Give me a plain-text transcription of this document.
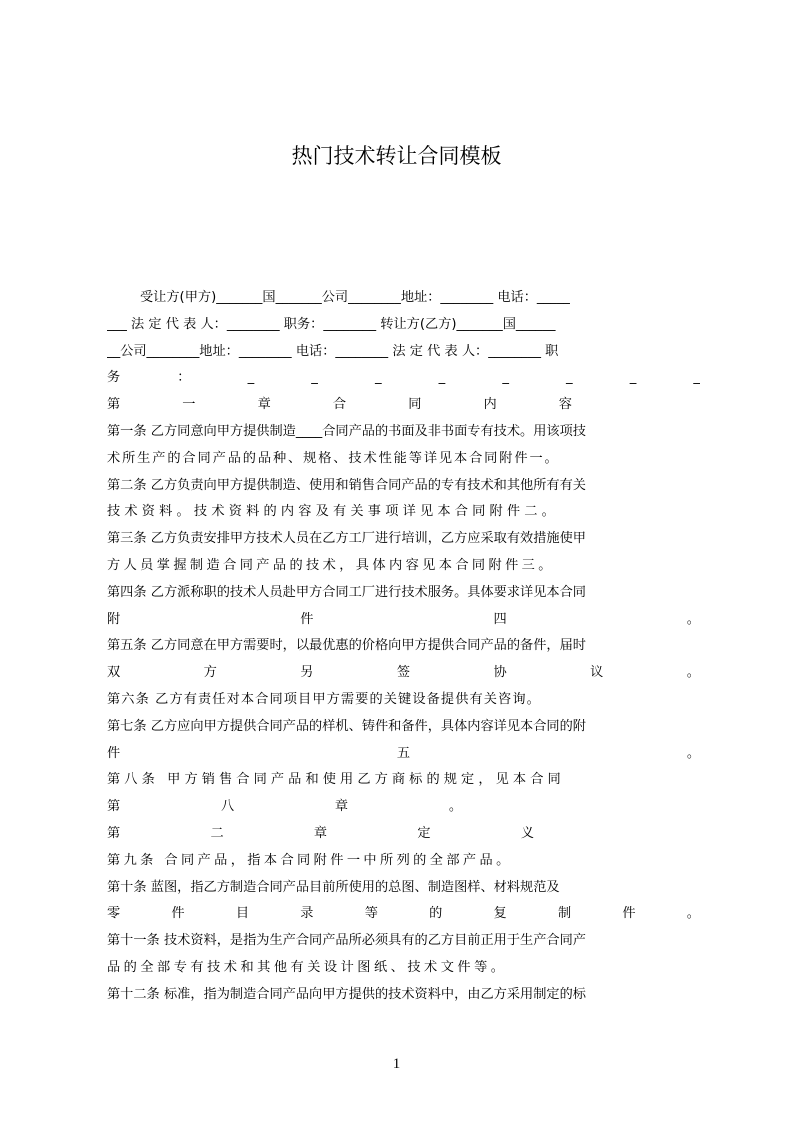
热门技术转让合同模板
受让方(甲方)_______国_______公司________地址：________ 电话：_____
___ 法 定 代 表 人：________ 职务：________ 转让方(乙方)_______国______
__公司________地址：________ 电话：________ 法 定 代 表 人：________ 职
务	：	_	_	_	_	_	_	_	_
第	一	章	合	同	内	容
第一条 乙方同意向甲方提供制造____合同产品的书面及非书面专有技术。用该项技
术所生产的合同产品的品种、规格、技术性能等详见本合同附件一。
第二条 乙方负责向甲方提供制造、使用和销售合同产品的专有技术和其他所有有关
技术资料。技术资料的内容及有关事项详见本合同附件二。
第三条 乙方负责安排甲方技术人员在乙方工厂进行培训，乙方应采取有效措施使甲
方人员掌握制造合同产品的技术，具体内容见本合同附件三。
第四条 乙方派称职的技术人员赴甲方合同工厂进行技术服务。具体要求详见本合同
附	件	四	。
第五条 乙方同意在甲方需要时，以最优惠的价格向甲方提供合同产品的备件，届时
双	方	另	签	协	议	。
第六条 乙方有责任对本合同项目甲方需要的关键设备提供有关咨询。
第七条 乙方应向甲方提供合同产品的样机、铸件和备件，具体内容详见本合同的附
件	五	。
第八条 甲方销售合同产品和使用乙方商标的规定，见本合同
第	八	章	。
第	二	章	定	义
第九条 合同产品，指本合同附件一中所列的全部产品。
第十条 蓝图，指乙方制造合同产品目前所使用的总图、制造图样、材料规范及
零	件	目	录	等	的	复	制	件	。
第十一条 技术资料，是指为生产合同产品所必须具有的乙方目前正用于生产合同产
品的全部专有技术和其他有关设计图纸、技术文件等。
第十二条 标准，指为制造合同产品向甲方提供的技术资料中，由乙方采用制定的标
1
